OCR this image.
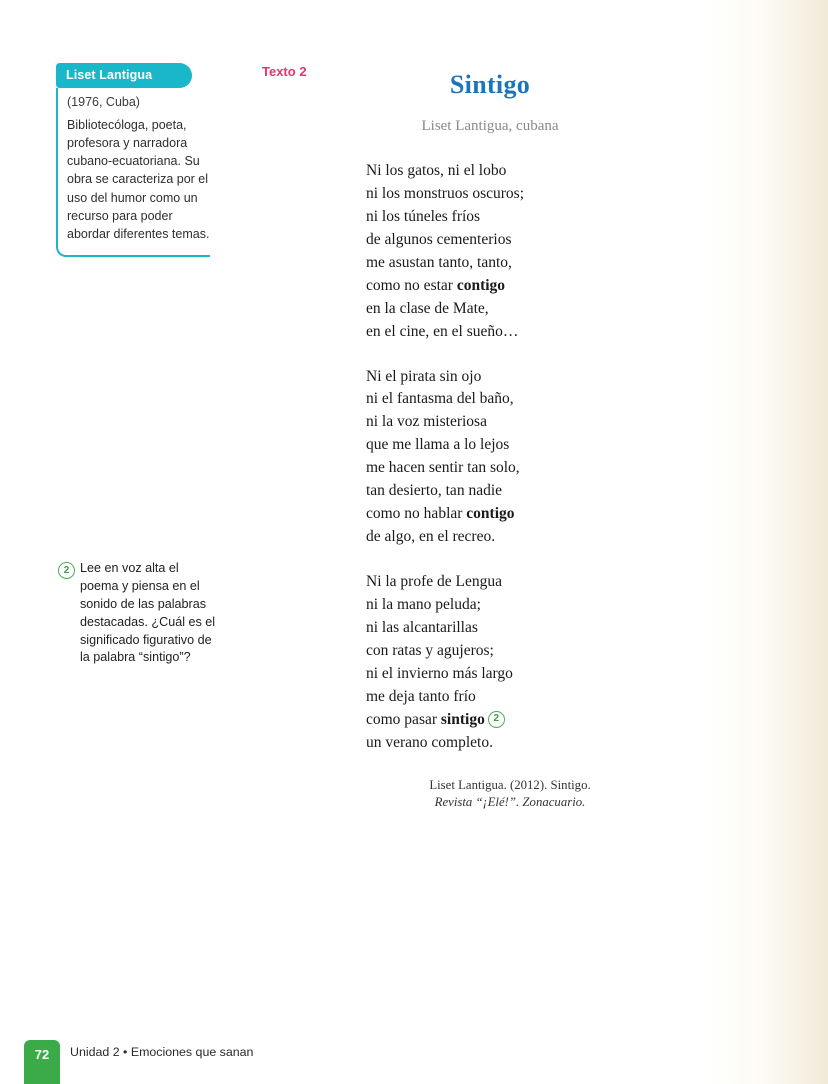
Liset Lantigua
(1976, Cuba)
Bibliotecóloga, poeta, profesora y narradora cubano-ecuatoriana. Su obra se caracteriza por el uso del humor como un recurso para poder abordar diferentes temas.
2 Lee en voz alta el poema y piensa en el sonido de las palabras destacadas. ¿Cuál es el significado figurativo de la palabra “sintigo”?
Texto 2	Sintigo
Liset Lantigua, cubana
Ni los gatos, ni el lobo
ni los monstruos oscuros;
ni los túneles fríos
de algunos cementerios
me asustan tanto, tanto,
como no estar contigo
en la clase de Mate,
en el cine, en el sueño…
Ni el pirata sin ojo
ni el fantasma del baño,
ni la voz misteriosa
que me llama a lo lejos
me hacen sentir tan solo,
tan desierto, tan nadie
como no hablar contigo
de algo, en el recreo.
Ni la profe de Lengua
ni la mano peluda;
ni las alcantarillas
con ratas y agujeros;
ni el invierno más largo
me deja tanto frío
como pasar sintigo 2
un verano completo.
Liset Lantigua. (2012). Sintigo.
Revista “¡Elé!”. Zonacuario.
72	Unidad 2 • Emociones que sanan
